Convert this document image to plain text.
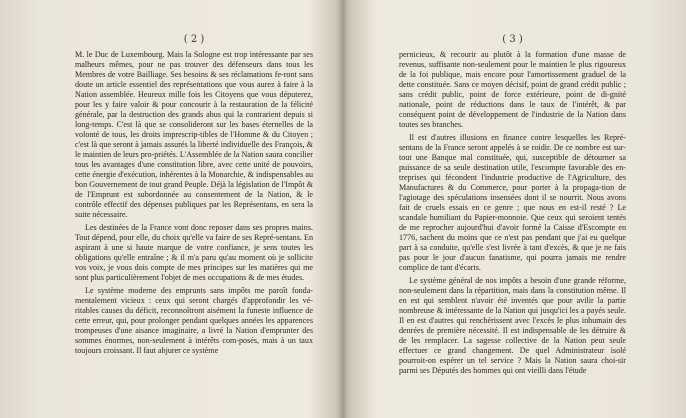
( 2 )

M. le Duc de Luxembourg. Mais la Sologne est trop intéressante par ses malheurs mêmes, pour ne pas trouver des défenseurs dans tous les Membres de votre Bailliage. Ses besoins & ses réclamations fe-ront sans doute un article essentiel des représentations que vous aurez à faire à la Nation assemblée. Heureux mille fois les Citoyens que vous députerez, pour les y faire valoir & pour concourir à la restauration de la félicité générale, par la destruction des grands abus qui la contrarient depuis si long-temps. C'est là que se consolideront sur les bases éternelles de la volonté de tous, les droits imprescrip-tibles de l'Homme & du Citoyen ; c'est là que seront à jamais assurés la liberté individuelle des François, & le maintien de leurs pro-priétés. L'Assemblée de la Nation saura concilier tous les avantages d'une constitution libre, avec cette unité de pouvoirs, cette énergie d'exécution, inhérentes à la Monarchie, & indispensables au bon Gouvernement de tout grand Peuple. Déjà la législation de l'Impôt & de l'Emprunt est subordonnée au consentement de la Nation, & le contrôle effectif des dépenses publiques par les Représentans, en sera la suite nécessaire.

Les destinées de la France vont donc reposer dans ses propres mains. Tout dépend, pour elle, du choix qu'elle va faire de ses Repré-sentans. En aspirant à une si haute marque de votre confiance, je sens toutes les obligations qu'elle entraîne ; & il m'a paru qu'au moment où je sollicite vos voix, je vous dois compte de mes principes sur les matières qui me sont plus particulièrement l'objet de mes occupations & de mes études.

Le système moderne des emprunts sans impôts me paroît fonda-mentalement vicieux : ceux qui seront chargés d'approfondir les vé-ritables causes du déficit, reconnoîtront aisément la funeste influence de cette erreur, qui, pour prolonger pendant quelques années les apparences trompeuses d'une aisance imaginaire, a livré la Nation d'emprunter des sommes énormes, non-seulement à intérêts com-posés, mais à un taux toujours croissant. Il faut abjurer ce système

( 3 )

pernicieux, & recourir au plutôt à la formation d'une masse de revenus, suffisante non-seulement pour le maintien le plus rigoureux de la foi publique, mais encore pour l'amortissement graduel de la dette constituée. Sans ce moyen décisif, point de grand crédit public ; sans crédit public, point de force extérieure, point de di-gnité nationale, point de réductions dans le taux de l'intérêt, & par conséquent point de développement de l'industrie de la Nation dans toutes ses branches.

Il est d'autres illusions en finance contre lesquelles les Repré-sentans de la France seront appelés à se roidir. De ce nombre est sur-tout une Banque mal constituée, qui, susceptible de détourner sa puissance de sa seule destination utile, l'escompte favorable des en-treprises qui fécondent l'industrie productive de l'Agriculture, des Manufactures & du Commerce, pour porter à la propaga-tion de l'agiotage des spéculations insensées dont il se nourrit. Nous avons fait de cruels essais en ce genre ; que nous en est-il resté ? Le scandale humiliant du Papier-monnoie. Que ceux qui seroient tentés de me reprocher aujourd'hui d'avoir formé la Caisse d'Escompte en 1776, sachent du moins que ce n'est pas pendant que j'ai eu quelque part à sa conduite, qu'elle s'est livrée à tant d'excès, & que je ne fais pas pour le jour d'aucun fanatisme, qui pourra jamais me rendre complice de tant d'écarts.

Le système général de nos impôts a besoin d'une grande réforme, non-seulement dans la répartition, mais dans la constitution même. Il en est qui semblent n'avoir été inventés que pour avilir la partie nombreuse & intéressante de la Nation qui jusqu'ici les a payés seule. Il en est d'autres qui renchérissent avec l'excès le plus inhumain des denrées de première nécessité. Il est indispensable de les détruire & de les remplacer. La sagesse collective de la Nation peut seule effectuer ce grand changement. De quel Administrateur isolé pourroit-on espérer un tel service ? Mais la Nation saura choi-sir parmi ses Députés des hommes qui ont vieilli dans l'étude
